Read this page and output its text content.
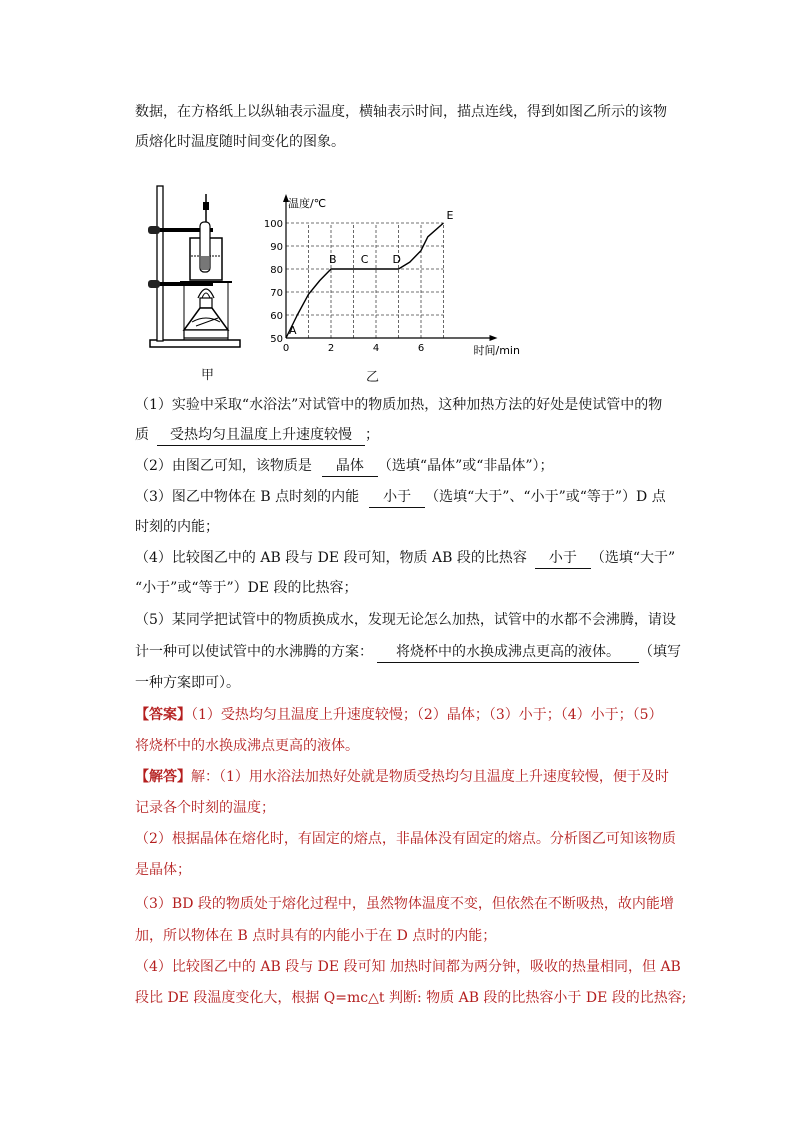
数据，在方格纸上以纵轴表示温度，横轴表示时间，描点连线，得到如图乙所示的该物
质熔化时温度随时间变化的图象。
甲
50
60
70
80
90
100
0	2	4	6
温度/℃
时间/min
A
B C D
E
乙
（1）实验中采取“水浴法”对试管中的物质加热，这种加热方法的好处是使试管中的物
质 受热均匀且温度上升速度较慢 ；
（2）由图乙可知，该物质是 晶体 （选填“晶体”或“非晶体”）；
（3）图乙中物体在 B 点时刻的内能 小于 （选填“大于”、“小于”或“等于”）D 点
时刻的内能；
（4）比较图乙中的 AB 段与 DE 段可知，物质 AB 段的比热容 小于 （选填“大于”
“小于”或“等于”）DE 段的比热容；
（5）某同学把试管中的物质换成水，发现无论怎么加热，试管中的水都不会沸腾，请设
计一种可以使试管中的水沸腾的方案： 将烧杯中的水换成沸点更高的液体。 （填写
一种方案即可）。
【答案】（1）受热均匀且温度上升速度较慢；（2）晶体；（3）小于；（4）小于；（5）
将烧杯中的水换成沸点更高的液体。
【解答】解：（1）用水浴法加热好处就是物质受热均匀且温度上升速度较慢，便于及时
记录各个时刻的温度；
（2）根据晶体在熔化时，有固定的熔点，非晶体没有固定的熔点。分析图乙可知该物质
是晶体；
（3）BD 段的物质处于熔化过程中，虽然物体温度不变，但依然在不断吸热，故内能增
加，所以物体在 B 点时具有的内能小于在 D 点时的内能；
（4）比较图乙中的 AB 段与 DE 段可知 加热时间都为两分钟，吸收的热量相同，但 AB
段比 DE 段温度变化大，根据 Q=mc△t 判断: 物质 AB 段的比热容小于 DE 段的比热容;
